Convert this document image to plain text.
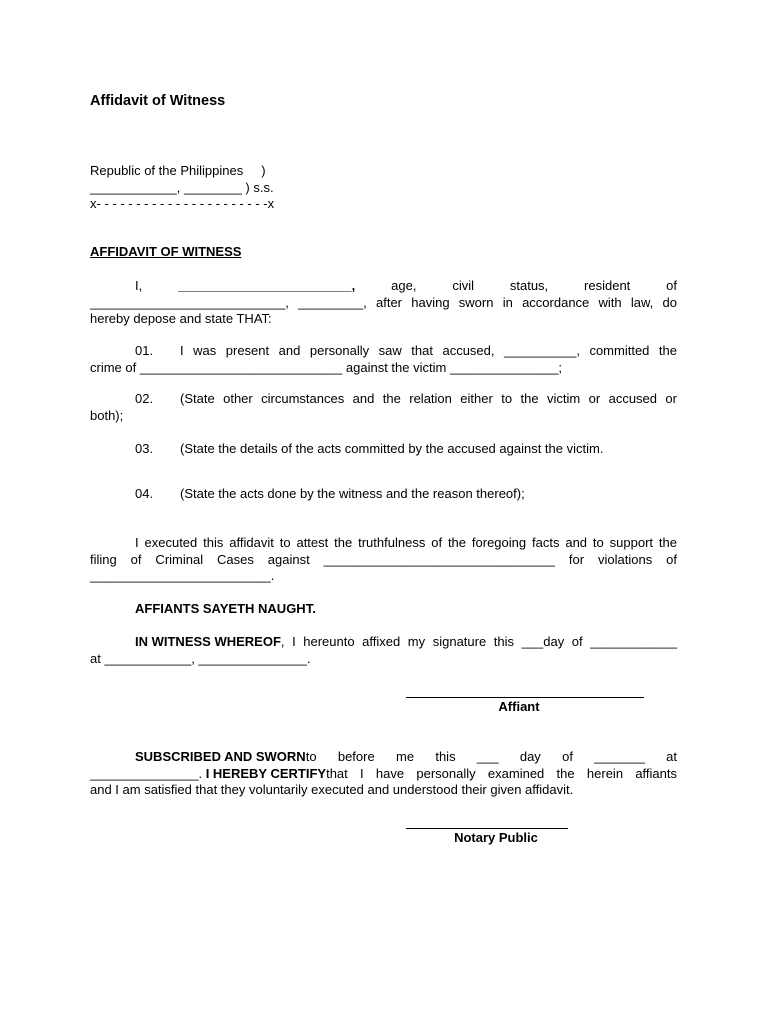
Affidavit of Witness
Republic of the Philippines     )
____________, ________ ) s.s.
x- - - - - - - - - - - - - - - - - - - - - -x
AFFIDAVIT OF WITNESS
I,	________________________,	age,	civil	status,	resident	of
___________________________, _________, after having sworn in accordance with law, do
hereby depose and state THAT:
01.	I was present and personally saw that accused, __________, committed the
crime of ____________________________ against the victim _______________;
02.	(State other circumstances and the relation either to the victim or accused or
both);
03.	(State the details of the acts committed by the accused against the victim.
04.	(State the acts done by the witness and the reason thereof);
I executed this affidavit to attest the truthfulness of the foregoing facts and to support the
filing of Criminal Cases against ________________________________ for violations of
_________________________.
AFFIANTS SAYETH NAUGHT.
IN WITNESS WHEREOF , I hereunto affixed my signature this ___day of ____________
at ____________, _______________.
Affiant
SUBSCRIBED AND SWORN to before me this ___ day of _______ at
_______________. I HEREBY CERTIFY that I have personally examined the herein affiants
and I am satisfied that they voluntarily executed and understood their given affidavit.
Notary Public
